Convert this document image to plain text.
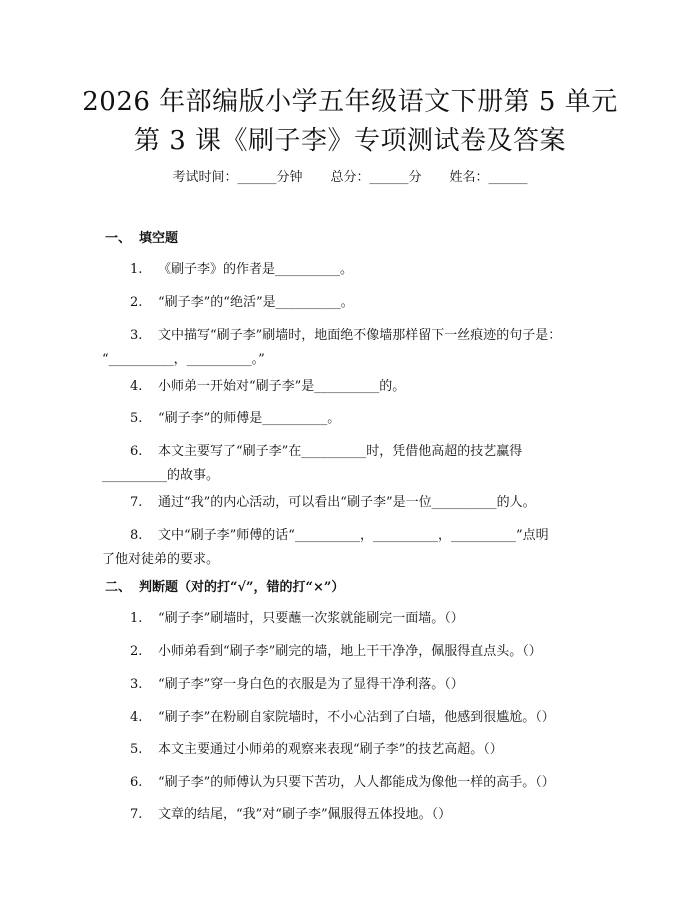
2026 年部编版小学五年级语文下册第 5 单元
第 3 课《刷子李》专项测试卷及答案
考试时间：______分钟 总分：______分 姓名：______
一、 填空题
1. 《刷子李》的作者是__________。
2. “刷子李”的“绝活”是__________。
3. 文中描写“刷子李”刷墙时，地面绝不像墙那样留下一丝痕迹的句子是：
“__________，__________。”
4. 小师弟一开始对“刷子李”是__________的。
5. “刷子李”的师傅是__________。
6. 本文主要写了“刷子李”在__________时，凭借他高超的技艺赢得
__________的故事。
7. 通过“我”的内心活动，可以看出“刷子李”是一位__________的人。
8. 文中“刷子李”师傅的话“__________，__________，__________”点明
了他对徒弟的要求。
二、 判断题（对的打“√”，错的打“×”）
1. “刷子李”刷墙时，只要蘸一次浆就能刷完一面墙。（）
2. 小师弟看到“刷子李”刷完的墙，地上干干净净，佩服得直点头。（）
3. “刷子李”穿一身白色的衣服是为了显得干净利落。（）
4. “刷子李”在粉刷自家院墙时，不小心沾到了白墙，他感到很尴尬。（）
5. 本文主要通过小师弟的观察来表现“刷子李”的技艺高超。（）
6. “刷子李”的师傅认为只要下苦功，人人都能成为像他一样的高手。（）
7. 文章的结尾，“我”对“刷子李”佩服得五体投地。（）
